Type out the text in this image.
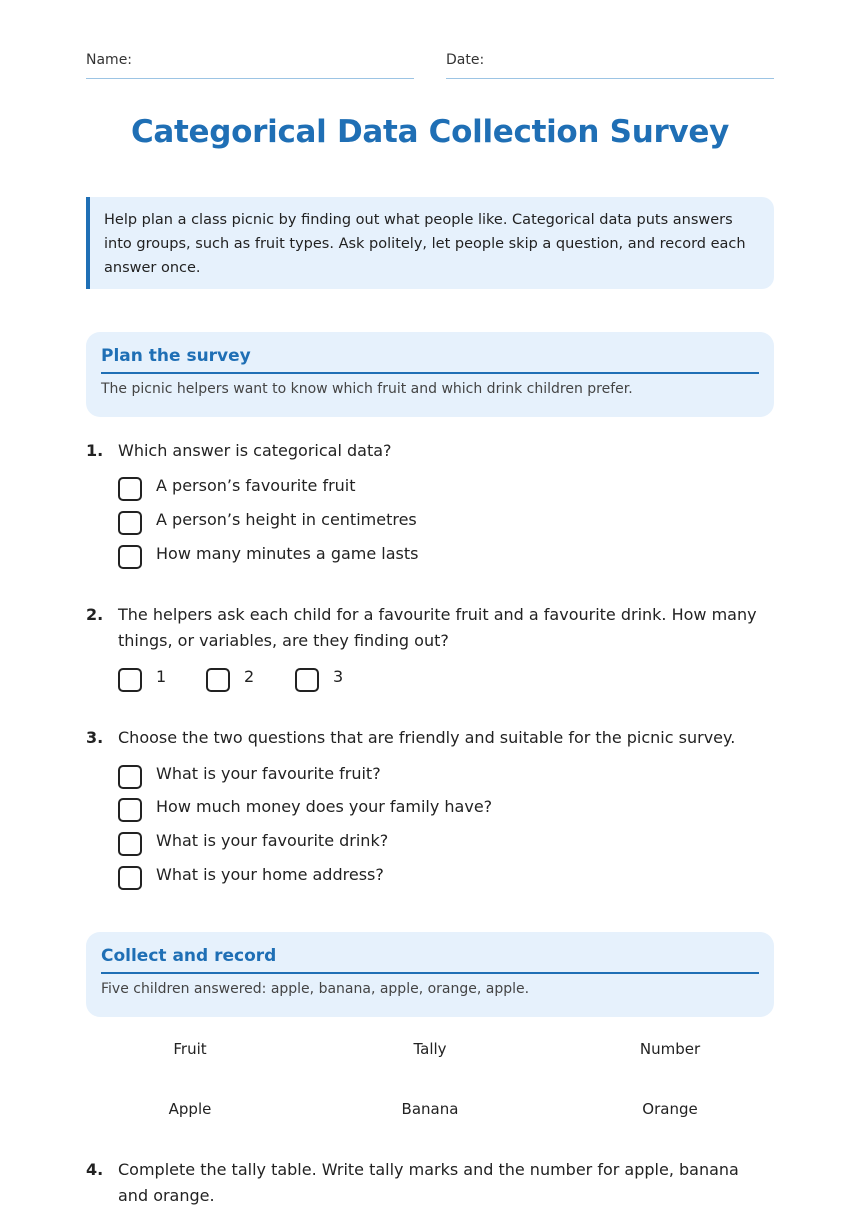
Name:	Date:
Categorical Data Collection Survey
Help plan a class picnic by finding out what people like. Categorical data puts answers into groups, such as fruit types. Ask politely, let people skip a question, and record each answer once.
Plan the survey
The picnic helpers want to know which fruit and which drink children prefer.
1. Which answer is categorical data?
A person’s favourite fruit
A person’s height in centimetres
How many minutes a game lasts
2. The helpers ask each child for a favourite fruit and a favourite drink. How many things, or variables, are they finding out?
1	2	3
3. Choose the two questions that are friendly and suitable for the picnic survey.
What is your favourite fruit?
How much money does your family have?
What is your favourite drink?
What is your home address?
Collect and record
Five children answered: apple, banana, apple, orange, apple.
Fruit	Tally	Number
Apple	Banana	Orange
4. Complete the tally table. Write tally marks and the number for apple, banana and orange.
